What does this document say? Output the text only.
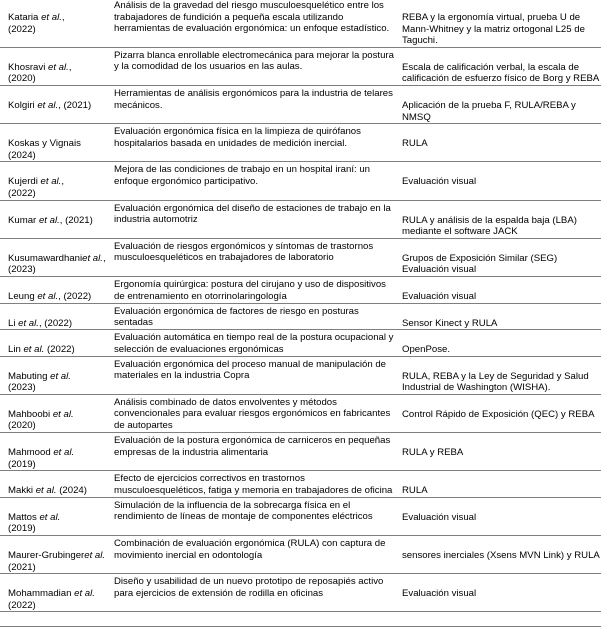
Kataria et al.,
(2022)	Análisis de la gravedad del riesgo musculoesquelético entre los trabajadores de fundición a pequeña escala utilizando herramientas de evaluación ergonómica: un enfoque estadístico.	REBA y la ergonomía virtual, prueba U de Mann-Whitney y la matriz ortogonal L25 de Taguchi.
Khosravi et al.,
(2020)	Pizarra blanca enrollable electromecánica para mejorar la postura y la comodidad de los usuarios en las aulas.	Escala de calificación verbal, la escala de calificación de esfuerzo físico de Borg y REBA
Kolgiri et al., (2021)	Herramientas de análisis ergonómicos para la industria de telares mecánicos.	Aplicación de la prueba F, RULA/REBA y NMSQ
Koskas y Vignais
(2024)	Evaluación ergonómica física en la limpieza de quirófanos hospitalarios basada en unidades de medición inercial.	RULA
Kujerdi et al.,
(2022)	Mejora de las condiciones de trabajo en un hospital iraní: un enfoque ergonómico participativo.	Evaluación visual
Kumar et al., (2021)	Evaluación ergonómica del diseño de estaciones de trabajo en la industria automotriz	RULA y análisis de la espalda baja (LBA) mediante el software JACK
Kusumawardhaniet al., (2023)	Evaluación de riesgos ergonómicos y síntomas de trastornos musculoesqueléticos en trabajadores de laboratorio	Grupos de Exposición Similar (SEG) Evaluación visual
Leung et al., (2022)	Ergonomía quirúrgica: postura del cirujano y uso de dispositivos de entrenamiento en otorrinolaringología	Evaluación visual
Li et al., (2022)	Evaluación ergonómica de factores de riesgo en posturas sentadas	Sensor Kinect y RULA
Lin et al. (2022)	Evaluación automática en tiempo real de la postura ocupacional y selección de evaluaciones ergonómicas	OpenPose.
Mabuting et al.
(2023)	Evaluación ergonómica del proceso manual de manipulación de materiales en la industria Copra	RULA, REBA y la Ley de Seguridad y Salud Industrial de Washington (WISHA).
Mahboobi et al.
(2020)	Análisis combinado de datos envolventes y métodos convencionales para evaluar riesgos ergonómicos en fabricantes de autopartes	Control Rápido de Exposición (QEC) y REBA
Mahmood et al.
(2019)	Evaluación de la postura ergonómica de carniceros en pequeñas empresas de la industria alimentaria	RULA y REBA
Makki et al. (2024)	Efecto de ejercicios correctivos en trastornos musculoesqueléticos, fatiga y memoria en trabajadores de oficina	RULA
Mattos et al.
(2019)	Simulación de la influencia de la sobrecarga física en el rendimiento de líneas de montaje de componentes eléctricos	Evaluación visual
Maurer-Grubingeret al. (2021)	Combinación de evaluación ergonómica (RULA) con captura de movimiento inercial en odontología	sensores inerciales (Xsens MVN Link) y RULA
Mohammadian et al.
(2022)	Diseño y usabilidad de un nuevo prototipo de reposapiés activo para ejercicios de extensión de rodilla en oficinas	Evaluación visual
